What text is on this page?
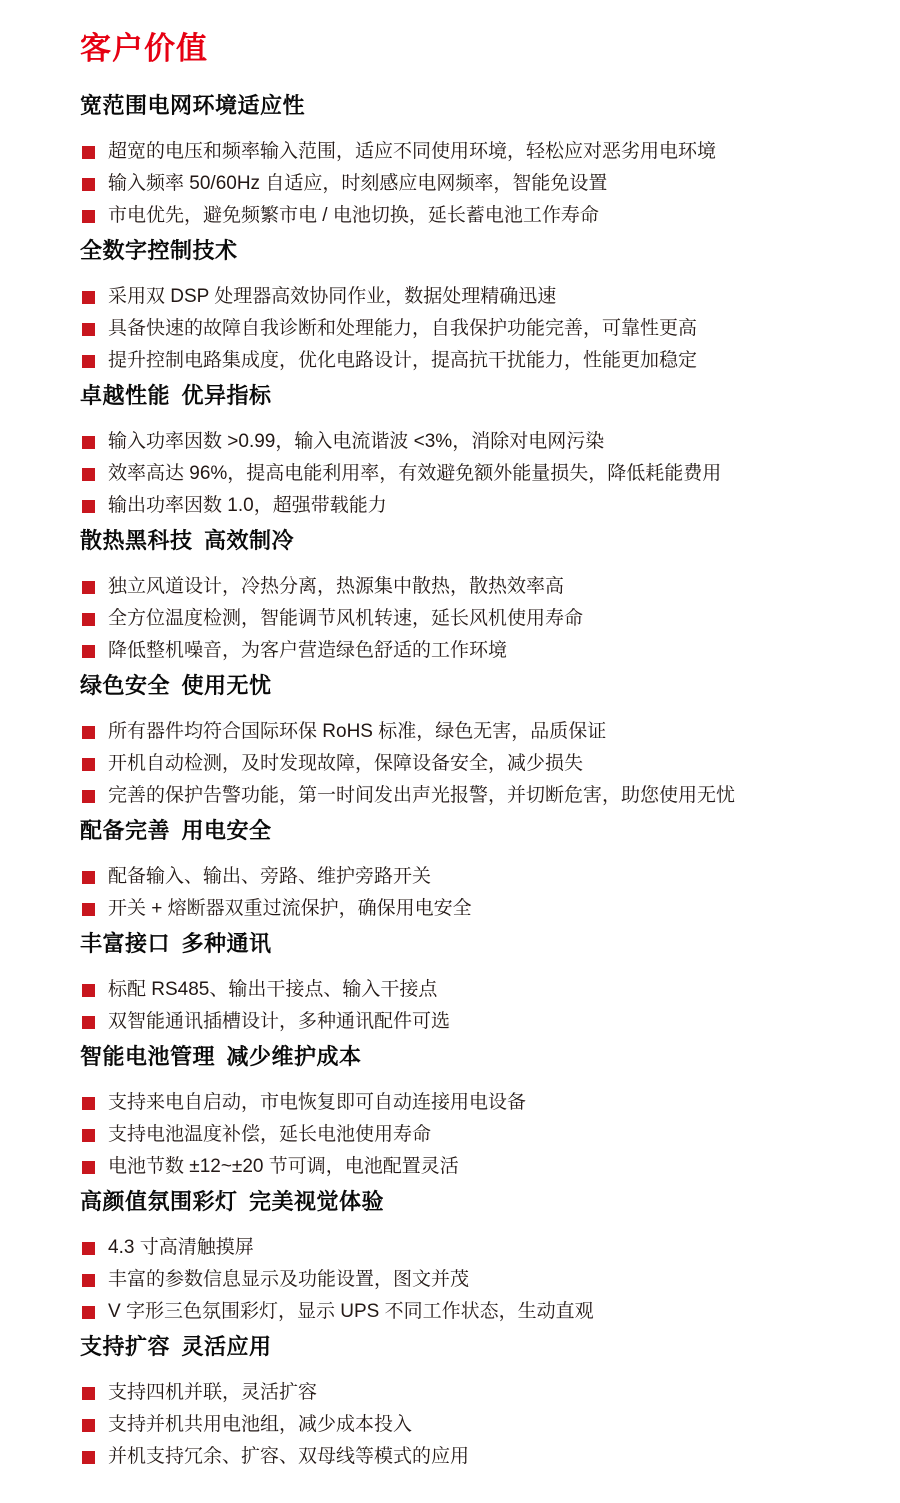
客户价值
宽范围电网环境适应性
超宽的电压和频率输入范围，适应不同使用环境，轻松应对恶劣用电环境
输入频率 50/60Hz 自适应，时刻感应电网频率，智能免设置
市电优先，避免频繁市电 / 电池切换，延长蓄电池工作寿命
全数字控制技术
采用双 DSP 处理器高效协同作业，数据处理精确迅速
具备快速的故障自我诊断和处理能力，自我保护功能完善，可靠性更高
提升控制电路集成度，优化电路设计，提高抗干扰能力，性能更加稳定
卓越性能 优异指标
输入功率因数 >0.99，输入电流谐波 <3%，消除对电网污染
效率高达 96%，提高电能利用率，有效避免额外能量损失，降低耗能费用
输出功率因数 1.0，超强带载能力
散热黑科技 高效制冷
独立风道设计，冷热分离，热源集中散热，散热效率高
全方位温度检测，智能调节风机转速，延长风机使用寿命
降低整机噪音，为客户营造绿色舒适的工作环境
绿色安全 使用无忧
所有器件均符合国际环保 RoHS 标准，绿色无害，品质保证
开机自动检测，及时发现故障，保障设备安全，减少损失
完善的保护告警功能，第一时间发出声光报警，并切断危害，助您使用无忧
配备完善 用电安全
配备输入、输出、旁路、维护旁路开关
开关 + 熔断器双重过流保护，确保用电安全
丰富接口 多种通讯
标配 RS485、输出干接点、输入干接点
双智能通讯插槽设计，多种通讯配件可选
智能电池管理 减少维护成本
支持来电自启动，市电恢复即可自动连接用电设备
支持电池温度补偿，延长电池使用寿命
电池节数 ±12~±20 节可调，电池配置灵活
高颜值氛围彩灯 完美视觉体验
4.3 寸高清触摸屏
丰富的参数信息显示及功能设置，图文并茂
V 字形三色氛围彩灯，显示 UPS 不同工作状态，生动直观
支持扩容 灵活应用
支持四机并联，灵活扩容
支持并机共用电池组，减少成本投入
并机支持冗余、扩容、双母线等模式的应用
